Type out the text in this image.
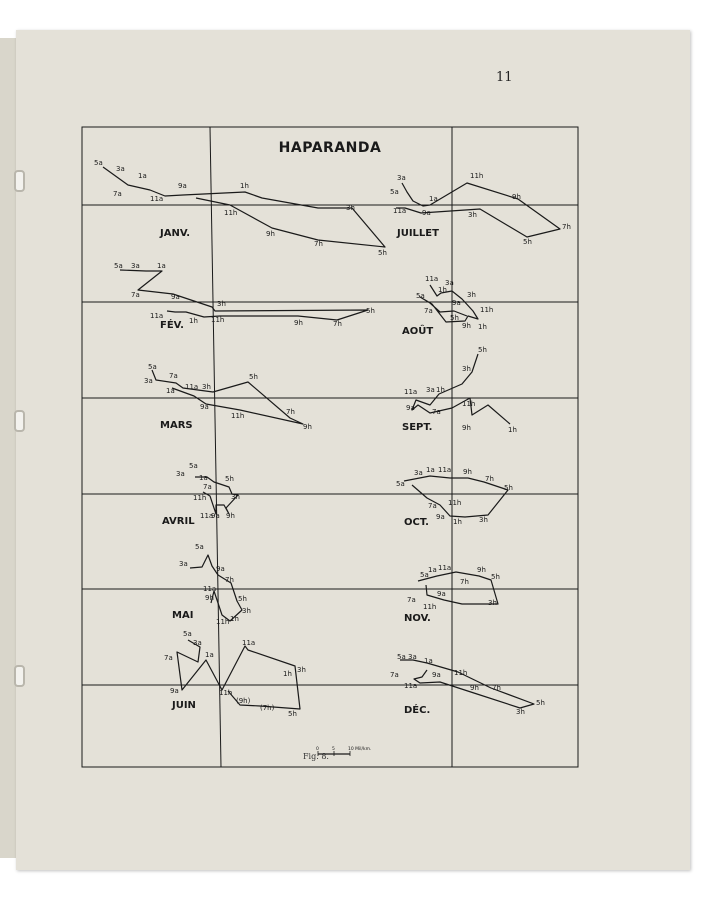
11
HAPARANDA
JANV.
FÉV.
MARS
AVRIL
MAI
JUIN
JUILLET
AOÛT
SEPT.
OCT.
NOV.
DÉC.
5a
3a
1a
7a
11a
9a	1h
11h
3h
9h
7h
5h
5a 3a 1a
7a	9a
11a
1h
3h
11h	9h	7h
5h
5a
3a
7a
1a 11a 3h
9a
5h
11h	7h
9h
3a
5a
1a
7a
5h
3h
11h
11a
9a 9h
5a
3a
9a
11a
7h
9h	5h
11h 1h
3h
5a
3a
7a	1a
11a
3h
1h
9a	11h
(9h)
(7h)
5h
3a
5a
1a
11a 9a
11h
9h
3h
7h
5h
11a 3a
5a
1h
3h
11h
7a
9a
5h
1h
9h
5h
3h
11a 3a 1h
9a 7a
11h
9h	1h
3a 1a 11a 9h
7h
5a	5h
11h
7a
9a
1h 3h
5a
1a 11a	9h
5h
7h
7a
9a
11h	3h
5a 3a 1a
7a
11a
9a 11h
9h 7h
5h
3h
0	5	10 Mil/km.
Fig. 8.
